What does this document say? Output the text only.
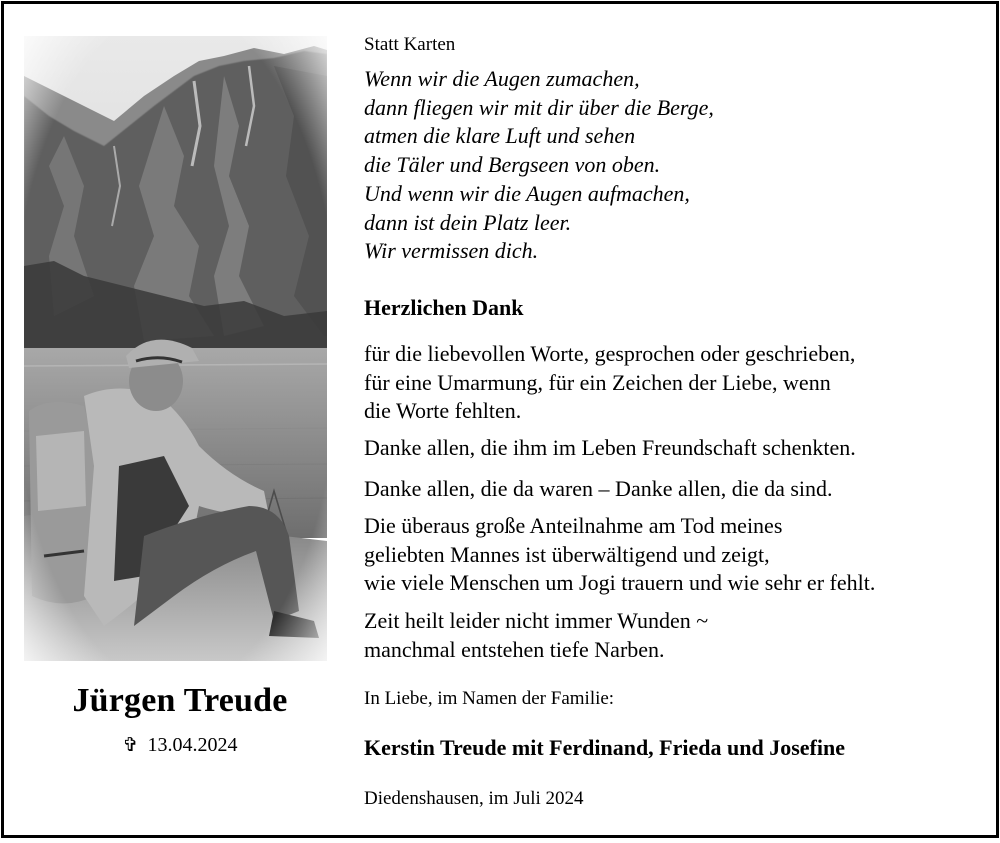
Jürgen Treude
✞ 13.04.2024
Statt Karten
Wenn wir die Augen zumachen,
dann fliegen wir mit dir über die Berge,
atmen die klare Luft und sehen
die Täler und Bergseen von oben.
Und wenn wir die Augen aufmachen,
dann ist dein Platz leer.
Wir vermissen dich.
Herzlichen Dank
für die liebevollen Worte, gesprochen oder geschrieben,
für eine Umarmung, für ein Zeichen der Liebe, wenn
die Worte fehlten.
Danke allen, die ihm im Leben Freundschaft schenkten.
Danke allen, die da waren – Danke allen, die da sind.
Die überaus große Anteilnahme am Tod meines
geliebten Mannes ist überwältigend und zeigt,
wie viele Menschen um Jogi trauern und wie sehr er fehlt.
Zeit heilt leider nicht immer Wunden ~
manchmal entstehen tiefe Narben.
In Liebe, im Namen der Familie:
Kerstin Treude mit Ferdinand, Frieda und Josefine
Diedenshausen, im Juli 2024
